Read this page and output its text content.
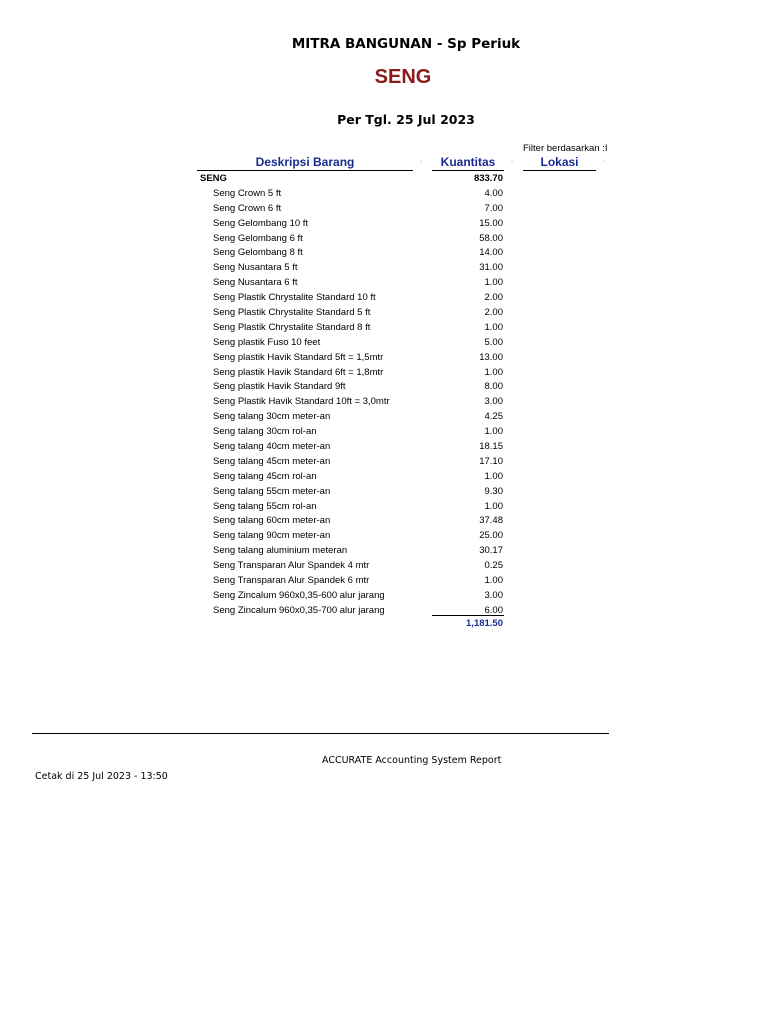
MITRA BANGUNAN - Sp Periuk
SENG
Per Tgl. 25 Jul 2023
Filter berdasarkan :I
Deskripsi Barang	◦	Kuantitas	◦	Lokasi	◦
SENG	833.70
Seng Crown 5 ft	4.00
Seng Crown 6 ft	7.00
Seng Gelombang 10 ft	15.00
Seng Gelombang 6 ft	58.00
Seng Gelombang 8 ft	14.00
Seng Nusantara 5 ft	31.00
Seng Nusantara 6 ft	1.00
Seng Plastik Chrystalite Standard 10 ft	2.00
Seng Plastik Chrystalite Standard 5 ft	2.00
Seng Plastik Chrystalite Standard 8 ft	1.00
Seng plastik Fuso 10 feet	5.00
Seng plastik Havik Standard 5ft = 1,5mtr	13.00
Seng plastik Havik Standard 6ft = 1,8mtr	1.00
Seng plastik Havik Standard 9ft	8.00
Seng Plastik Havik Standard 10ft = 3,0mtr	3.00
Seng talang 30cm meter-an	4.25
Seng talang 30cm rol-an	1.00
Seng talang 40cm meter-an	18.15
Seng talang 45cm meter-an	17.10
Seng talang 45cm rol-an	1.00
Seng talang 55cm meter-an	9.30
Seng talang 55cm rol-an	1.00
Seng talang 60cm meter-an	37.48
Seng talang 90cm meter-an	25.00
Seng talang aluminium meteran	30.17
Seng Transparan Alur Spandek 4 mtr	0.25
Seng Transparan Alur Spandek 6 mtr	1.00
Seng Zincalum 960x0,35-600 alur jarang	3.00
Seng Zincalum 960x0,35-700 alur jarang	6.00
1,181.50
ACCURATE Accounting System Report
Cetak di 25 Jul 2023 - 13:50
